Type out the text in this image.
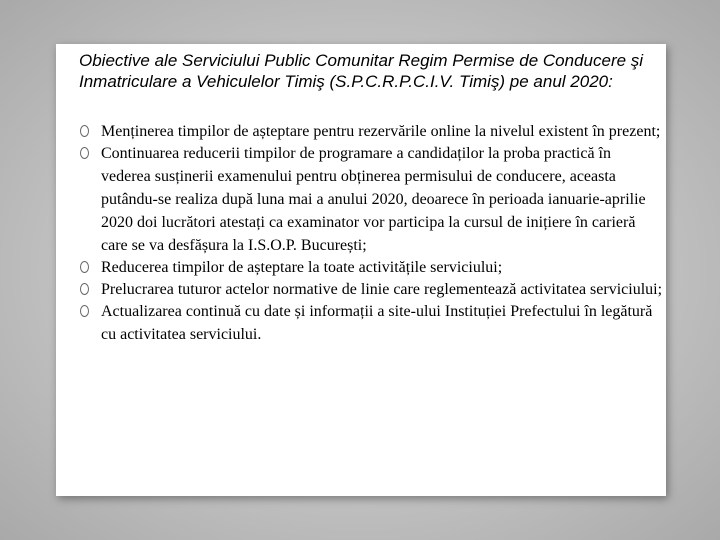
Obiective ale Serviciului Public Comunitar Regim Permise de Conducere şi Inmatriculare a Vehiculelor Timiş (S.P.C.R.P.C.I.V. Timiş) pe anul 2020:
Menținerea timpilor de așteptare pentru rezervările online la nivelul existent în prezent;
Continuarea reducerii timpilor de programare a candidaților la proba practică în vederea susținerii examenului pentru obținerea permisului de conducere, aceasta putându-se realiza după luna mai a anului 2020, deoarece în perioada ianuarie-aprilie 2020 doi lucrători atestați ca examinator vor participa la cursul de inițiere în carieră care se va desfășura la I.S.O.P. București;
Reducerea timpilor de așteptare la toate activitățile serviciului;
Prelucrarea tuturor actelor normative de linie care reglementează activitatea serviciului;
Actualizarea continuă cu date și informații a site-ului Instituției Prefectului în legătură cu activitatea serviciului.
